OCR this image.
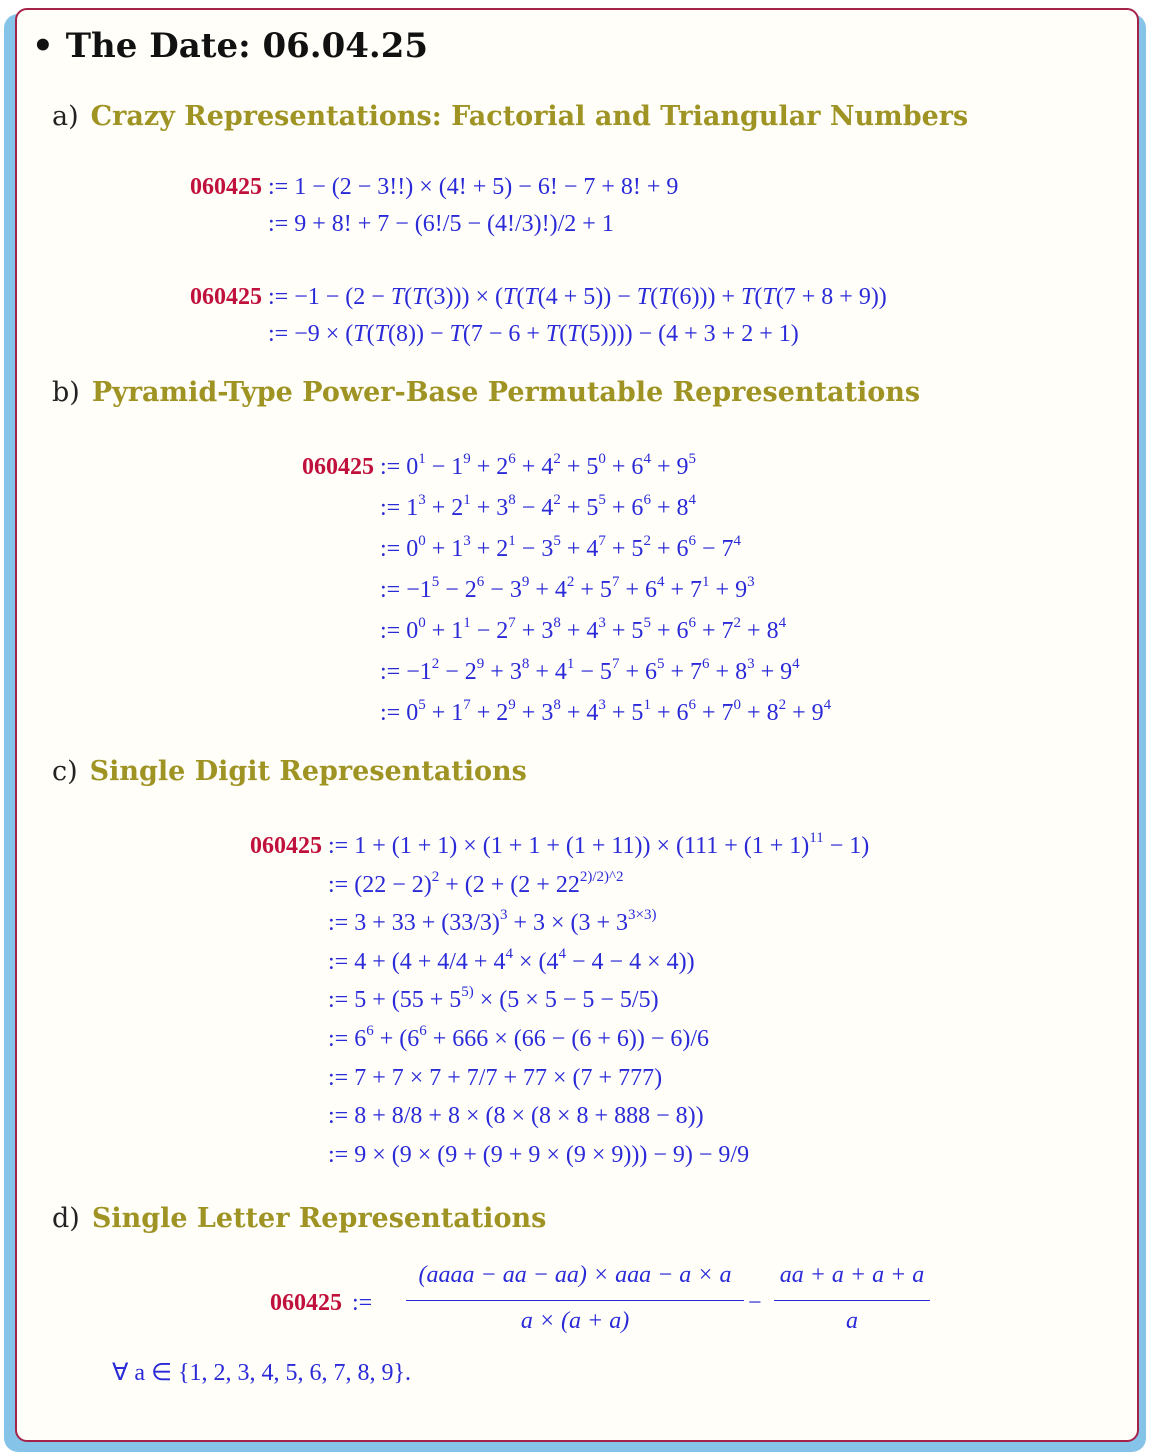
• The Date: 06.04.25
a) Crazy Representations: Factorial and Triangular Numbers
b) Pyramid-Type Power-Base Permutable Representations
c) Single Digit Representations
d) Single Letter Representations
:= 1 − (2 − 3!!) × (4! + 5) − 6! − 7 + 8! + 9
060425
:= 9 + 8! + 7 − (6!/5 − (4!/3)!)/2 + 1
:= −1 − (2 − T(T(3))) × (T(T(4 + 5)) − T(T(6))) + T(T(7 + 8 + 9))
060425
:= −9 × (T(T(8)) − T(7 − 6 + T(T(5)))) − (4 + 3 + 2 + 1)
:= $0^1 - 1^9 + 2^6 + 4^2 + 5^0 + 6^4 + 9^5$
060425
:= $1^3 + 2^1 + 3^8 - 4^2 + 5^5 + 6^6 + 8^4$
:= $0^0 + 1^3 + 2^1 - 3^5 + 4^7 + 5^2 + 6^6 - 7^4$
:= $-1^5 - 2^6 - 3^9 + 4^2 + 5^7 + 6^4 + 7^1 + 9^3$
:= $0^0 + 1^1 - 2^7 + 3^8 + 4^3 + 5^5 + 6^6 + 7^2 + 8^4$
:= $-1^2 - 2^9 + 3^8 + 4^1 - 5^7 + 6^5 + 7^6 + 8^3 + 9^4$
:= $0^5 + 1^7 + 2^9 + 3^8 + 4^3 + 5^1 + 6^6 + 7^0 + 8^2 + 9^4$
:= $1 + (1 + 1) \times (1 + 1 + (1 + 11)) \times (111 + (1 + 1)^{11} - 1)$
060425
:= $(22 - 2)^2 + (2 + (2 + 22^{2)/2)\^{}2}$
:= $3 + 33 + (33/3)^3 + 3 \times (3 + 3^{3\times 3)}$
:= $4 + (4 + 4/4 + 4^4 \times (4^4 - 4 - 4 \times 4))$
:= $5 + (55 + 5^{5)} \times (5 \times 5 - 5 - 5/5)$
:= $6^6 + (6^6 + 666 \times (66 - (6 + 6)) - 6)/6$
:= 7 + 7 × 7 + 7/7 + 77 × (7 + 777)
:= 8 + 8/8 + 8 × (8 × (8 × 8 + 888 − 8))
:= 9 × (9 × (9 + (9 + 9 × (9 × 9))) − 9) − 9/9
060425 :=
(aaaa − aa − aa) × aaa − a × a
a × (a + a)
−
aa + a + a + a
a
∀ a ∈ {1, 2, 3, 4, 5, 6, 7, 8, 9}.
